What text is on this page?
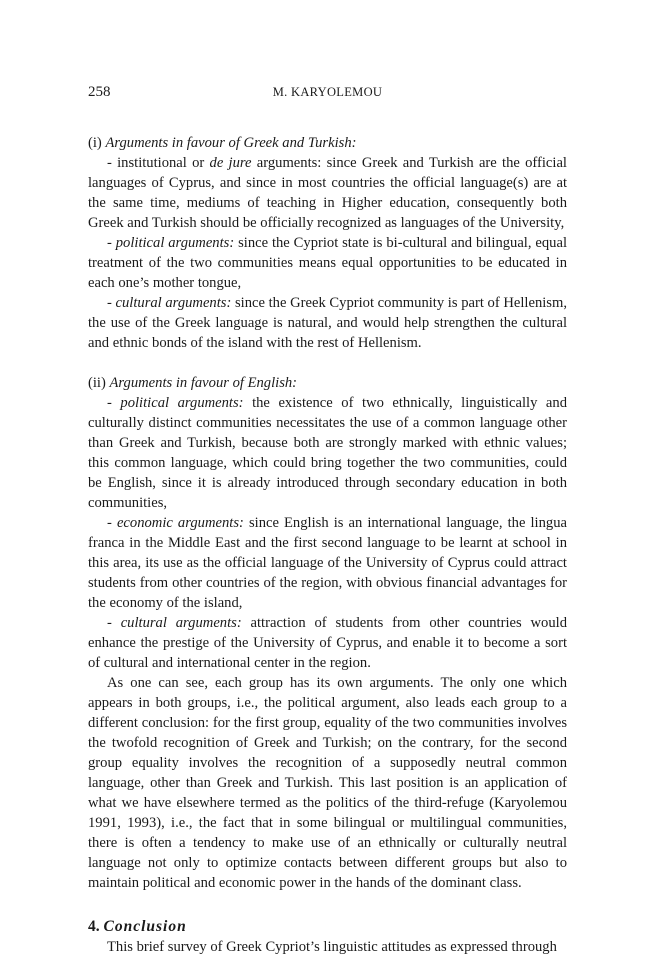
258	M. KARYOLEMOU

(i) Arguments in favour of Greek and Turkish:

- institutional or de jure arguments: since Greek and Turkish are the official languages of Cyprus, and since in most countries the official language(s) are at the same time, mediums of teaching in Higher education, consequently both Greek and Turkish should be officially recognized as languages of the University,

- political arguments: since the Cypriot state is bi-cultural and bilingual, equal treatment of the two communities means equal opportunities to be educated in each one’s mother tongue,

- cultural arguments: since the Greek Cypriot community is part of Hellenism, the use of the Greek language is natural, and would help strengthen the cultural and ethnic bonds of the island with the rest of Hellenism.

(ii) Arguments in favour of English:

- political arguments: the existence of two ethnically, linguistically and culturally distinct communities necessitates the use of a common language other than Greek and Turkish, because both are strongly marked with ethnic values; this common language, which could bring together the two communities, could be English, since it is already introduced through secondary education in both communities,

- economic arguments: since English is an international language, the lingua franca in the Middle East and the first second language to be learnt at school in this area, its use as the official language of the University of Cyprus could attract students from other countries of the region, with obvious financial advantages for the economy of the island,

- cultural arguments: attraction of students from other countries would enhance the prestige of the University of Cyprus, and enable it to become a sort of cultural and international center in the region.

As one can see, each group has its own arguments. The only one which appears in both groups, i.e., the political argument, also leads each group to a different conclusion: for the first group, equality of the two communities involves the twofold recognition of Greek and Turkish; on the contrary, for the second group equality involves the recognition of a supposedly neutral common language, other than Greek and Turkish. This last position is an application of what we have elsewhere termed as the politics of the third-refuge (Karyolemou 1991, 1993), i.e., the fact that in some bilingual or multilingual communities, there is often a tendency to make use of an ethnically or culturally neutral language not only to optimize contacts between different groups but also to maintain political and economic power in the hands of the dominant class.

4. Conclusion

This brief survey of Greek Cypriot’s linguistic attitudes as expressed through
